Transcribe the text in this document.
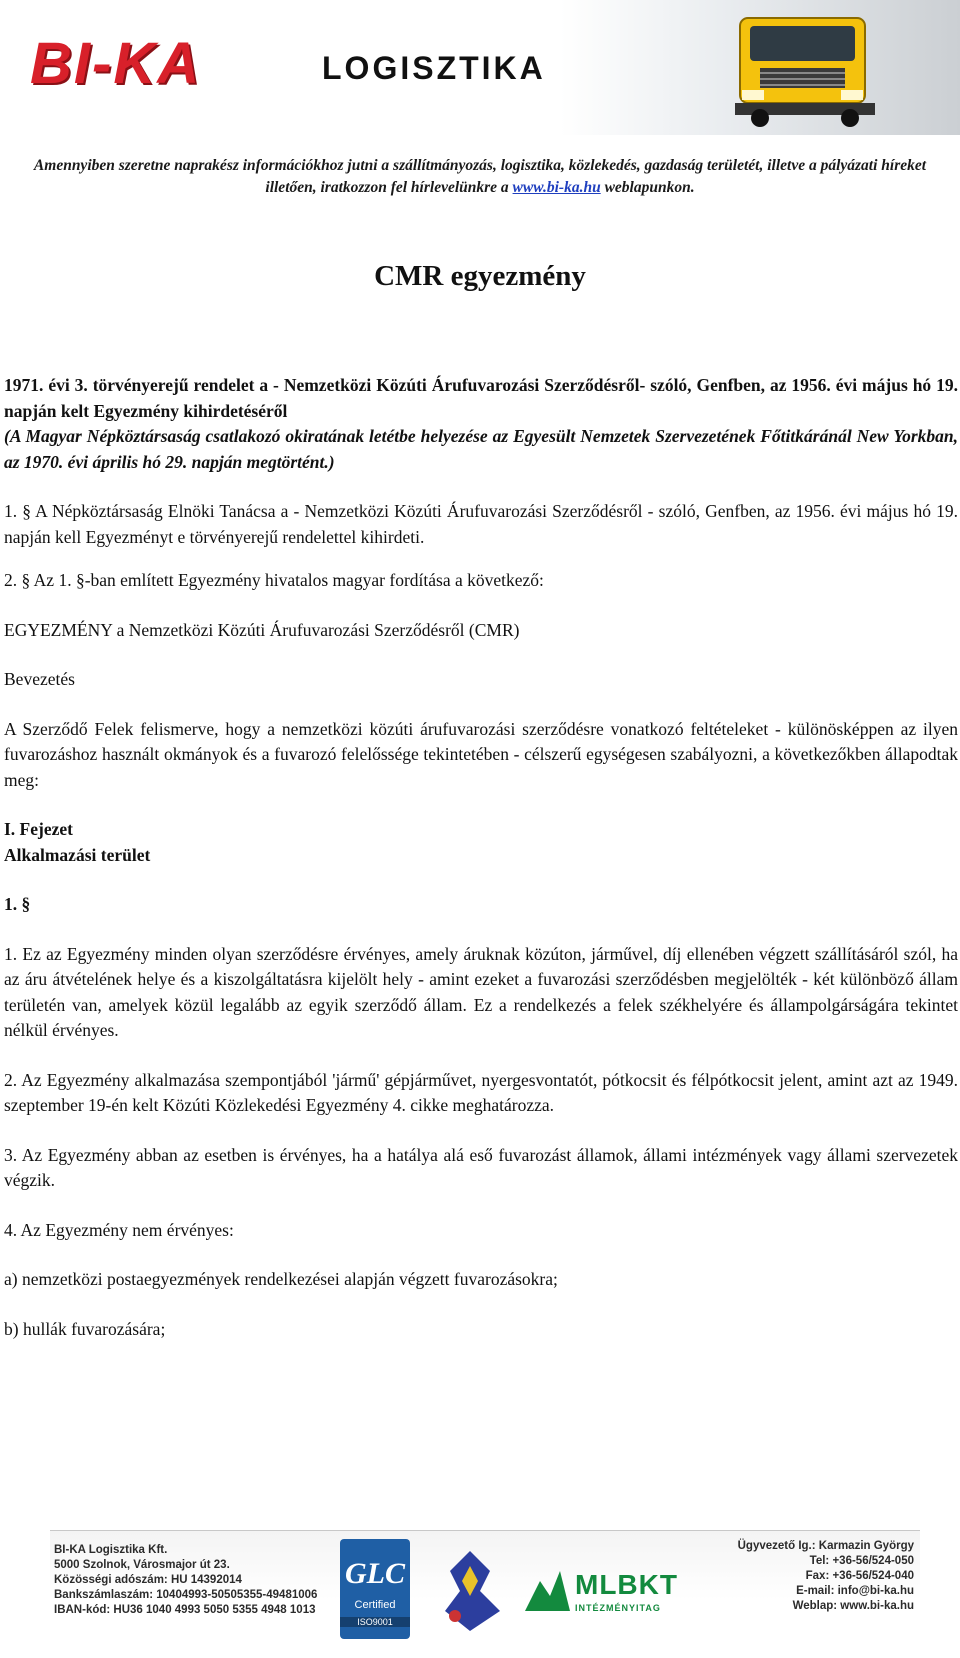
BI-KA	LOGISZTIKA
Amennyiben szeretne naprakész információkhoz jutni a szállítmányozás, logisztika, közlekedés, gazdaság területét, illetve a pályázati híreket illetően, iratkozzon fel hírlevelünkre a www.bi-ka.hu weblapunkon.
CMR egyezmény

1971. évi 3. törvényerejű rendelet a - Nemzetközi Közúti Árufuvarozási Szerződésről- szóló, Genfben, az 1956. évi május hó 19. napján kelt Egyezmény kihirdetéséről

(A Magyar Népköztársaság csatlakozó okiratának letétbe helyezése az Egyesült Nemzetek Szervezetének Főtitkáránál New Yorkban, az 1970. évi április hó 29. napján megtörtént.)

1. § A Népköztársaság Elnöki Tanácsa a - Nemzetközi Közúti Árufuvarozási Szerződésről - szóló, Genfben, az 1956. évi május hó 19. napján kell Egyezményt e törvényerejű rendelettel kihirdeti.

2. § Az 1. §-ban említett Egyezmény hivatalos magyar fordítása a következő:

EGYEZMÉNY a Nemzetközi Közúti Árufuvarozási Szerződésről (CMR)

Bevezetés

A Szerződő Felek felismerve, hogy a nemzetközi közúti árufuvarozási szerződésre vonatkozó feltételeket - különösképpen az ilyen fuvarozáshoz használt okmányok és a fuvarozó felelőssége tekintetében - célszerű egységesen szabályozni, a következőkben állapodtak meg:

I. Fejezet

Alkalmazási terület

1. §

1. Ez az Egyezmény minden olyan szerződésre érvényes, amely áruknak közúton, járművel, díj ellenében végzett szállításáról szól, ha az áru átvételének helye és a kiszolgáltatásra kijelölt hely - amint ezeket a fuvarozási szerződésben megjelölték - két különböző állam területén van, amelyek közül legalább az egyik szerződő állam. Ez a rendelkezés a felek székhelyére és állampolgárságára tekintet nélkül érvényes.

2. Az Egyezmény alkalmazása szempontjából 'jármű' gépjárművet, nyergesvontatót, pótkocsit és félpótkocsit jelent, amint azt az 1949. szeptember 19-én kelt Közúti Közlekedési Egyezmény 4. cikke meghatározza.

3. Az Egyezmény abban az esetben is érvényes, ha a hatálya alá eső fuvarozást államok, állami intézmények vagy állami szervezetek végzik.

4. Az Egyezmény nem érvényes:

a) nemzetközi postaegyezmények rendelkezései alapján végzett fuvarozásokra;

b) hullák fuvarozására;

BI-KA Logisztika Kft.
5000 Szolnok, Városmajor út 23.
Közösségi adószám: HU 14392014
Bankszámlaszám: 10404993-50505355-49481006
IBAN-kód: HU36 1040 4993 5050 5355 4948 1013
GLC
Certified
ISO9001
MLBKT
INTÉZMÉNYITAG
Ügyvezető Ig.: Karmazin György
Tel: +36-56/524-050
Fax: +36-56/524-040
E-mail: info@bi-ka.hu
Weblap: www.bi-ka.hu
